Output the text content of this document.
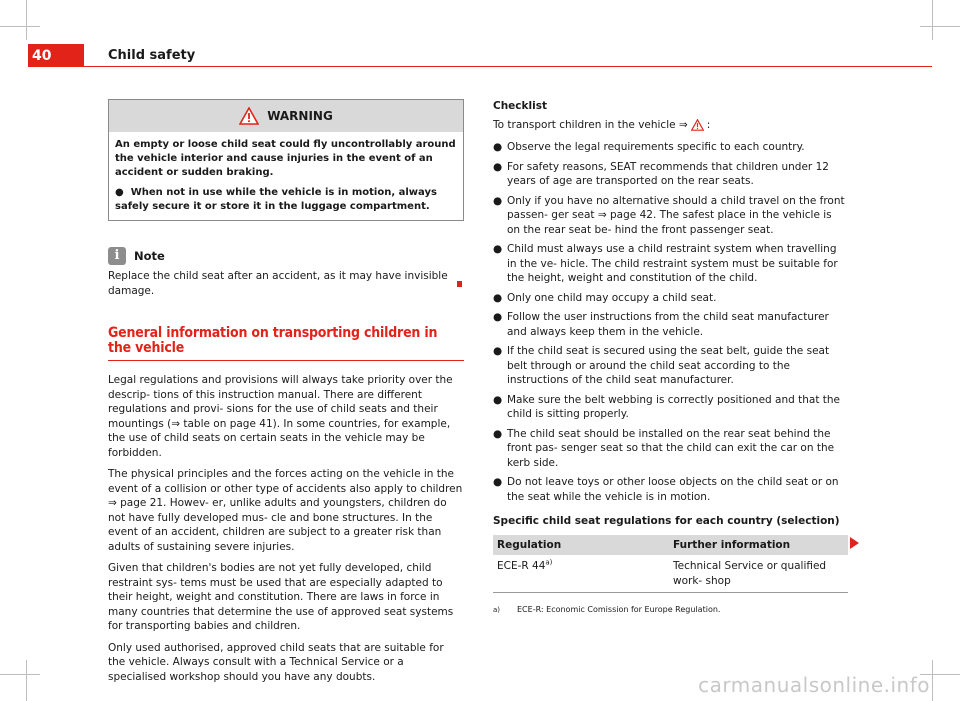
40	Child safety
WARNING

An empty or loose child seat could fly uncontrollably around the vehicle interior and cause injuries in the event of an accident or sudden braking.

●  When not in use while the vehicle is in motion, always safely secure it or store it in the luggage compartment.

i	Note
Replace the child seat after an accident, as it may have invisible damage.
General information on transporting children in the vehicle

Legal regulations and provisions will always take priority over the descrip- tions of this instruction manual. There are different regulations and provi- sions for the use of child seats and their mountings (⇒ table on page 41). In some countries, for example, the use of child seats on certain seats in the vehicle may be forbidden.

The physical principles and the forces acting on the vehicle in the event of a collision or other type of accidents also apply to children ⇒ page 21. Howev- er, unlike adults and youngsters, children do not have fully developed mus- cle and bone structures. In the event of an accident, children are subject to a greater risk than adults of sustaining severe injuries.

Given that children's bodies are not yet fully developed, child restraint sys- tems must be used that are especially adapted to their height, weight and constitution. There are laws in force in many countries that determine the use of approved seat systems for transporting babies and children.

Only used authorised, approved child seats that are suitable for the vehicle. Always consult with a Technical Service or a specialised workshop should you have any doubts.

Checklist
To transport children in the vehicle ⇒ :
● Observe the legal requirements specific to each country.
● For safety reasons, SEAT recommends that children under 12 years of age are transported on the rear seats.
● Only if you have no alternative should a child travel on the front passen- ger seat ⇒ page 42. The safest place in the vehicle is on the rear seat be- hind the front passenger seat.
● Child must always use a child restraint system when travelling in the ve- hicle. The child restraint system must be suitable for the height, weight and constitution of the child.
● Only one child may occupy a child seat.
● Follow the user instructions from the child seat manufacturer and always keep them in the vehicle.
● If the child seat is secured using the seat belt, guide the seat belt through or around the child seat according to the instructions of the child seat manufacturer.
● Make sure the belt webbing is correctly positioned and that the child is sitting properly.
● The child seat should be installed on the rear seat behind the front pas- senger seat so that the child can exit the car on the kerb side.
● Do not leave toys or other loose objects on the child seat or on the seat while the vehicle is in motion.
Specific child seat regulations for each country (selection)
Regulation	Further information
ECE-R 44$^{a)}$	Technical Service or qualified work- shop
a)	ECE-R: Economic Comission for Europe Regulation.
carmanualsonline.info
